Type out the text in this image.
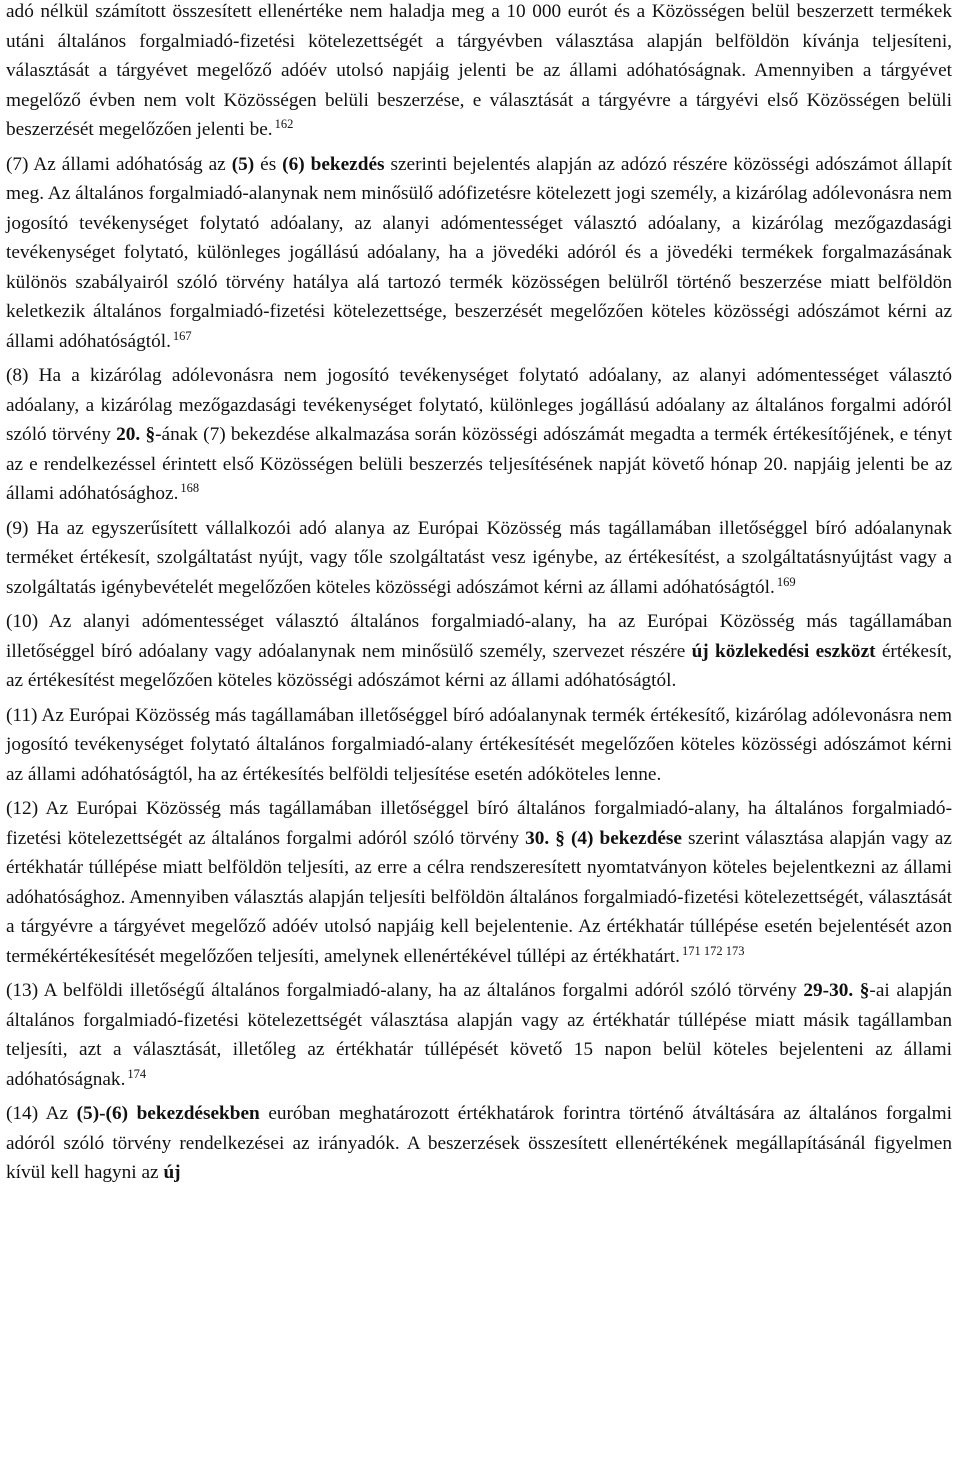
adó nélkül számított összesített ellenértéke nem haladja meg a 10 000 eurót és a Közösségen belül beszerzett termékek utáni általános forgalmiadó-fizetési kötelezettségét a tárgyévben választása alapján belföldön kívánja teljesíteni, választását a tárgyévet megelőző adóév utolsó napjáig jelenti be az állami adóhatóságnak. Amennyiben a tárgyévet megelőző évben nem volt Közösségen belüli beszerzése, e választását a tárgyévre a tárgyévi első Közösségen belüli beszerzését megelőzően jelenti be. $^{162}$

(7) Az állami adóhatóság az (5) és (6) bekezdés szerinti bejelentés alapján az adózó részére közösségi adószámot állapít meg. Az általános forgalmiadó-alanynak nem minősülő adófizetésre kötelezett jogi személy, a kizárólag adólevonásra nem jogosító tevékenységet folytató adóalany, az alanyi adómentességet választó adóalany, a kizárólag mezőgazdasági tevékenységet folytató, különleges jogállású adóalany, ha a jövedéki adóról és a jövedéki termékek forgalmazásának különös szabályairól szóló törvény hatálya alá tartozó termék közösségen belülről történő beszerzése miatt belföldön keletkezik általános forgalmiadó-fizetési kötelezettsége, beszerzését megelőzően köteles közösségi adószámot kérni az állami adóhatóságtól. $^{167}$

(8) Ha a kizárólag adólevonásra nem jogosító tevékenységet folytató adóalany, az alanyi adómentességet választó adóalany, a kizárólag mezőgazdasági tevékenységet folytató, különleges jogállású adóalany az általános forgalmi adóról szóló törvény 20. §-ának (7) bekezdése alkalmazása során közösségi adószámát megadta a termék értékesítőjének, e tényt az e rendelkezéssel érintett első Közösségen belüli beszerzés teljesítésének napját követő hónap 20. napjáig jelenti be az állami adóhatósághoz. $^{168}$

(9) Ha az egyszerűsített vállalkozói adó alanya az Európai Közösség más tagállamában illetőséggel bíró adóalanynak terméket értékesít, szolgáltatást nyújt, vagy tőle szolgáltatást vesz igénybe, az értékesítést, a szolgáltatásnyújtást vagy a szolgáltatás igénybevételét megelőzően köteles közösségi adószámot kérni az állami adóhatóságtól. $^{169}$

(10) Az alanyi adómentességet választó általános forgalmiadó-alany, ha az Európai Közösség más tagállamában illetőséggel bíró adóalany vagy adóalanynak nem minősülő személy, szervezet részére új közlekedési eszközt értékesít, az értékesítést megelőzően köteles közösségi adószámot kérni az állami adóhatóságtól.

(11) Az Európai Közösség más tagállamában illetőséggel bíró adóalanynak termék értékesítő, kizárólag adólevonásra nem jogosító tevékenységet folytató általános forgalmiadó-alany értékesítését megelőzően köteles közösségi adószámot kérni az állami adóhatóságtól, ha az értékesítés belföldi teljesítése esetén adóköteles lenne.

(12) Az Európai Közösség más tagállamában illetőséggel bíró általános forgalmiadó-alany, ha általános forgalmiadó-fizetési kötelezettségét az általános forgalmi adóról szóló törvény 30. § (4) bekezdése szerint választása alapján vagy az értékhatár túllépése miatt belföldön teljesíti, az erre a célra rendszeresített nyomtatványon köteles bejelentkezni az állami adóhatósághoz. Amennyiben választás alapján teljesíti belföldön általános forgalmiadó-fizetési kötelezettségét, választását a tárgyévre a tárgyévet megelőző adóév utolsó napjáig kell bejelentenie. Az értékhatár túllépése esetén bejelentését azon termékértékesítését megelőzően teljesíti, amelynek ellenértékével túllépi az értékhatárt. $^{171 172 173}$

(13) A belföldi illetőségű általános forgalmiadó-alany, ha az általános forgalmi adóról szóló törvény 29-30. §-ai alapján általános forgalmiadó-fizetési kötelezettségét választása alapján vagy az értékhatár túllépése miatt másik tagállamban teljesíti, azt a választását, illetőleg az értékhatár túllépését követő 15 napon belül köteles bejelenteni az állami adóhatóságnak. $^{174}$

(14) Az (5)-(6) bekezdésekben euróban meghatározott értékhatárok forintra történő átváltására az általános forgalmi adóról szóló törvény rendelkezései az irányadók. A beszerzések összesített ellenértékének megállapításánál figyelmen kívül kell hagyni az új
